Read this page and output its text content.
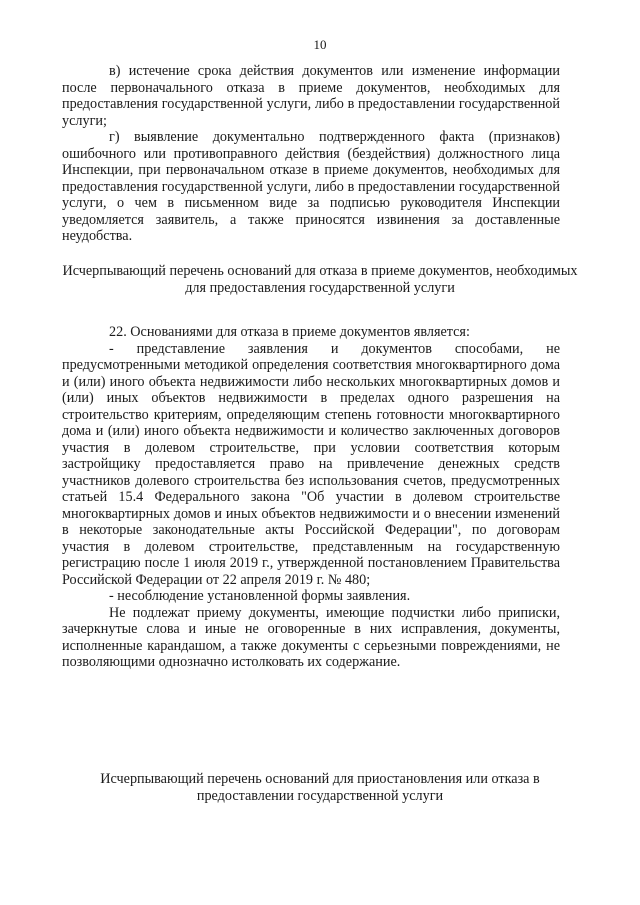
10

в) истечение срока действия документов или изменение информации после первоначального отказа в приеме документов, необходимых для предоставления государственной услуги, либо в предоставлении государственной услуги;

г) выявление документально подтвержденного факта (признаков) ошибочного или противоправного действия (бездействия) должностного лица Инспекции, при первоначальном отказе в приеме документов, необходимых для предоставления государственной услуги, либо в предоставлении государственной услуги, о чем в письменном виде за подписью руководителя Инспекции уведомляется заявитель, а также приносятся извинения за доставленные неудобства.

Исчерпывающий перечень оснований для отказа в приеме документов, необходимых для предоставления государственной услуги

22. Основаниями для отказа в приеме документов является:

- представление заявления и документов способами, не предусмотренными методикой определения соответствия многоквартирного дома и (или) иного объекта недвижимости либо нескольких многоквартирных домов и (или) иных объектов недвижимости в пределах одного разрешения на строительство критериям, определяющим степень готовности многоквартирного дома и (или) иного объекта недвижимости и количество заключенных договоров участия в долевом строительстве, при условии соответствия которым застройщику предоставляется право на привлечение денежных средств участников долевого строительства без использования счетов, предусмотренных статьей 15.4 Федерального закона "Об участии в долевом строительстве многоквартирных домов и иных объектов недвижимости и о внесении изменений в некоторые законодательные акты Российской Федерации", по договорам участия в долевом строительстве, представленным на государственную регистрацию после 1 июля 2019 г., утвержденной постановлением Правительства Российской Федерации от 22 апреля 2019 г. № 480;

- несоблюдение установленной формы заявления.

Не подлежат приему документы, имеющие подчистки либо приписки, зачеркнутые слова и иные не оговоренные в них исправления, документы, исполненные карандашом, а также документы с серьезными повреждениями, не позволяющими однозначно истолковать их содержание.

Исчерпывающий перечень оснований для приостановления или отказа в предоставлении государственной услуги
